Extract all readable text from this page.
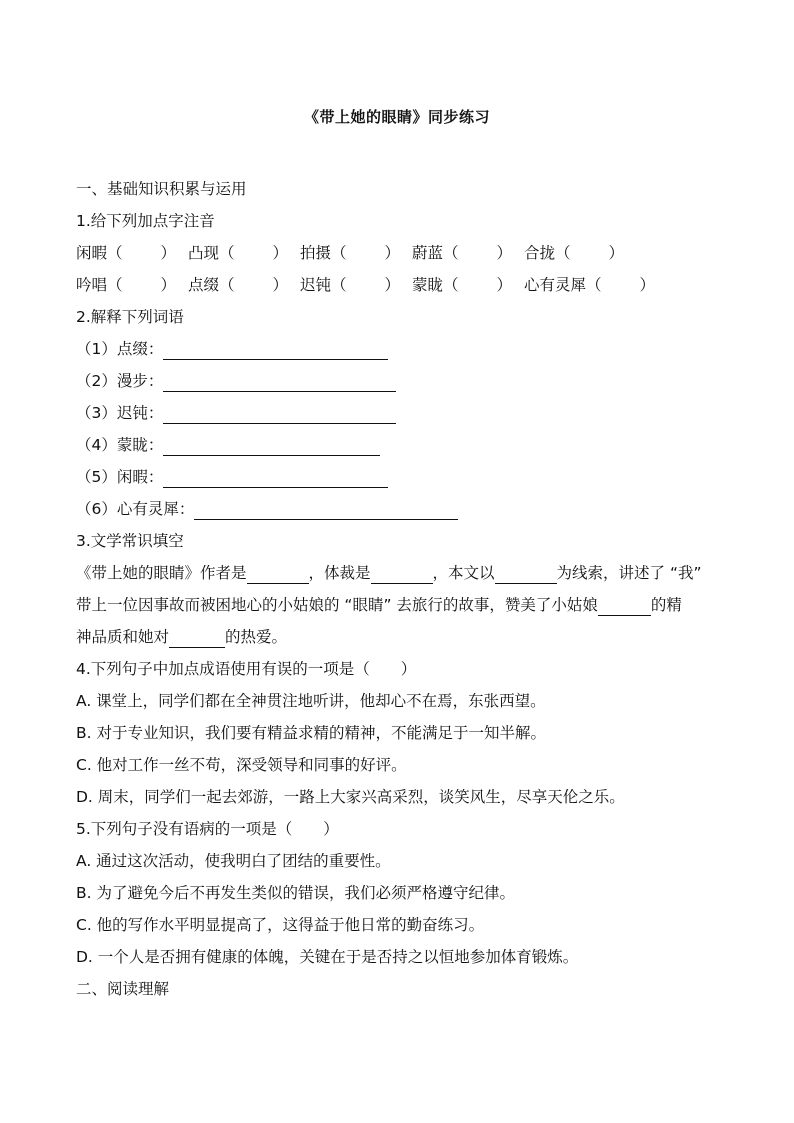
《带上她的眼睛》同步练习
一、基础知识积累与运用
1.给下列加点字注音
闲暇（ ） 凸现（ ） 拍摄（ ） 蔚蓝（ ） 合拢（ ）
吟唱（ ） 点缀（ ） 迟钝（ ） 蒙眬（ ） 心有灵犀（ ）
2.解释下列词语
（1）点缀：
（2）漫步：
（3）迟钝：
（4）蒙眬：
（5）闲暇：
（6）心有灵犀：
3.文学常识填空
《带上她的眼睛》作者是	，体裁是	，本文以	为线索，讲述了 “我”
带上一位因事故而被困地心的小姑娘的 “眼睛” 去旅行的故事，赞美了小姑娘	的精
神品质和她对	的热爱。
4.下列句子中加点成语使用有误的一项是（　　）
A. 课堂上，同学们都在全神贯注地听讲，他却心不在焉，东张西望。
B. 对于专业知识，我们要有精益求精的精神，不能满足于一知半解。
C. 他对工作一丝不苟，深受领导和同事的好评。
D. 周末，同学们一起去郊游，一路上大家兴高采烈，谈笑风生，尽享天伦之乐。
5.下列句子没有语病的一项是（　　）
A. 通过这次活动，使我明白了团结的重要性。
B. 为了避免今后不再发生类似的错误，我们必须严格遵守纪律。
C. 他的写作水平明显提高了，这得益于他日常的勤奋练习。
D. 一个人是否拥有健康的体魄，关键在于是否持之以恒地参加体育锻炼。
二、阅读理解
